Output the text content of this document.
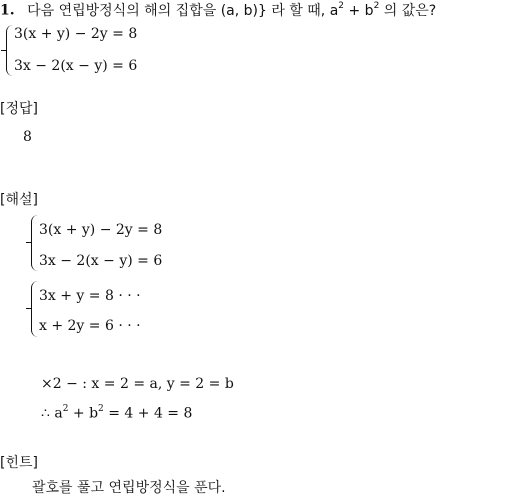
1. 다음 연립방정식의 해의 집합을 (a, b)} 라 할 때, $a^2 + b^2$ 의 값은?
3(x + y) − 2y = 8
3x − 2(x − y) = 6
[정답]
8
[해설]
3(x + y) − 2y = 8
3x − 2(x − y) = 6
3x + y = 8 · · ·
x + 2y = 6 · · ·
×2 − : x = 2 = a, y = 2 = b
∴ $a^2 + b^2 = 4 + 4 = 8$
[힌트]
괄호를 풀고 연립방정식을 푼다.
